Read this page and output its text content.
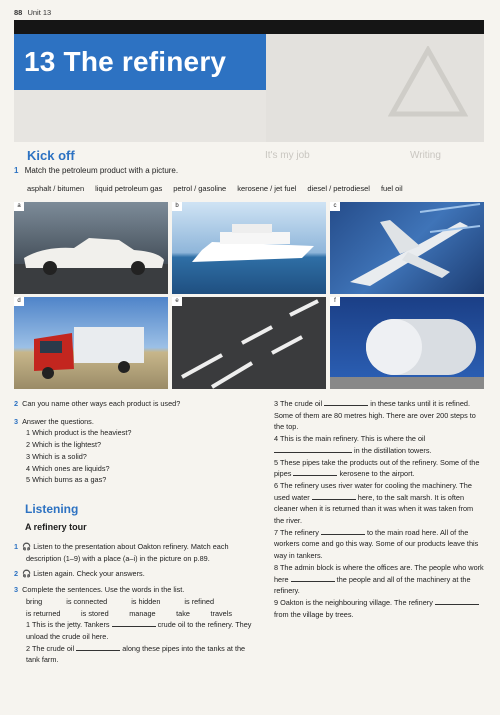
88 Unit 13
13 The refinery
Kick off	It's my job	Writing
1 Match the petroleum product with a picture.
asphalt / bitumen liquid petroleum gas petrol / gasoline kerosene / jet fuel diesel / petrodiesel fuel oil
a	b	c
d	e	f
2 Can you name other ways each product is used?
3 Answer the questions.
1 Which product is the heaviest?
2 Which is the lightest?
3 Which is a solid?
4 Which ones are liquids?
5 Which burns as a gas?
Listening
A refinery tour
1 🎧 Listen to the presentation about Oakton refinery. Match each description (1–9) with a place (a–i) in the picture on p.89.
2 🎧 Listen again. Check your answers.
3 Complete the sentences. Use the words in the list.
bring	is connected	is hidden	is refined
is returned	is stored	manage	take	travels
1 This is the jetty. Tankers	crude oil to the refinery. They unload the crude oil here.
2 The crude oil	along these pipes into the tanks at the tank farm.
3 The crude oil	in these tanks until it is refined. Some of them are 80 metres high. There are over 200 steps to the top.
4 This is the main refinery. This is where the oil  in the distillation towers.
5 These pipes take the products out of the refinery. Some of the pipes	kerosene to the airport.
6 The refinery uses river water for cooling the machinery. The used water	here, to the salt marsh. It is often cleaner when it is returned than it was when it was taken from the river.
7 The refinery	to the main road here. All of the workers come and go this way. Some of our products leave this way in tankers.
8 The admin block is where the offices are. The people who work here	the people and all of the machinery at the refinery.
9 Oakton is the neighbouring village. The refinery  from the village by trees.
